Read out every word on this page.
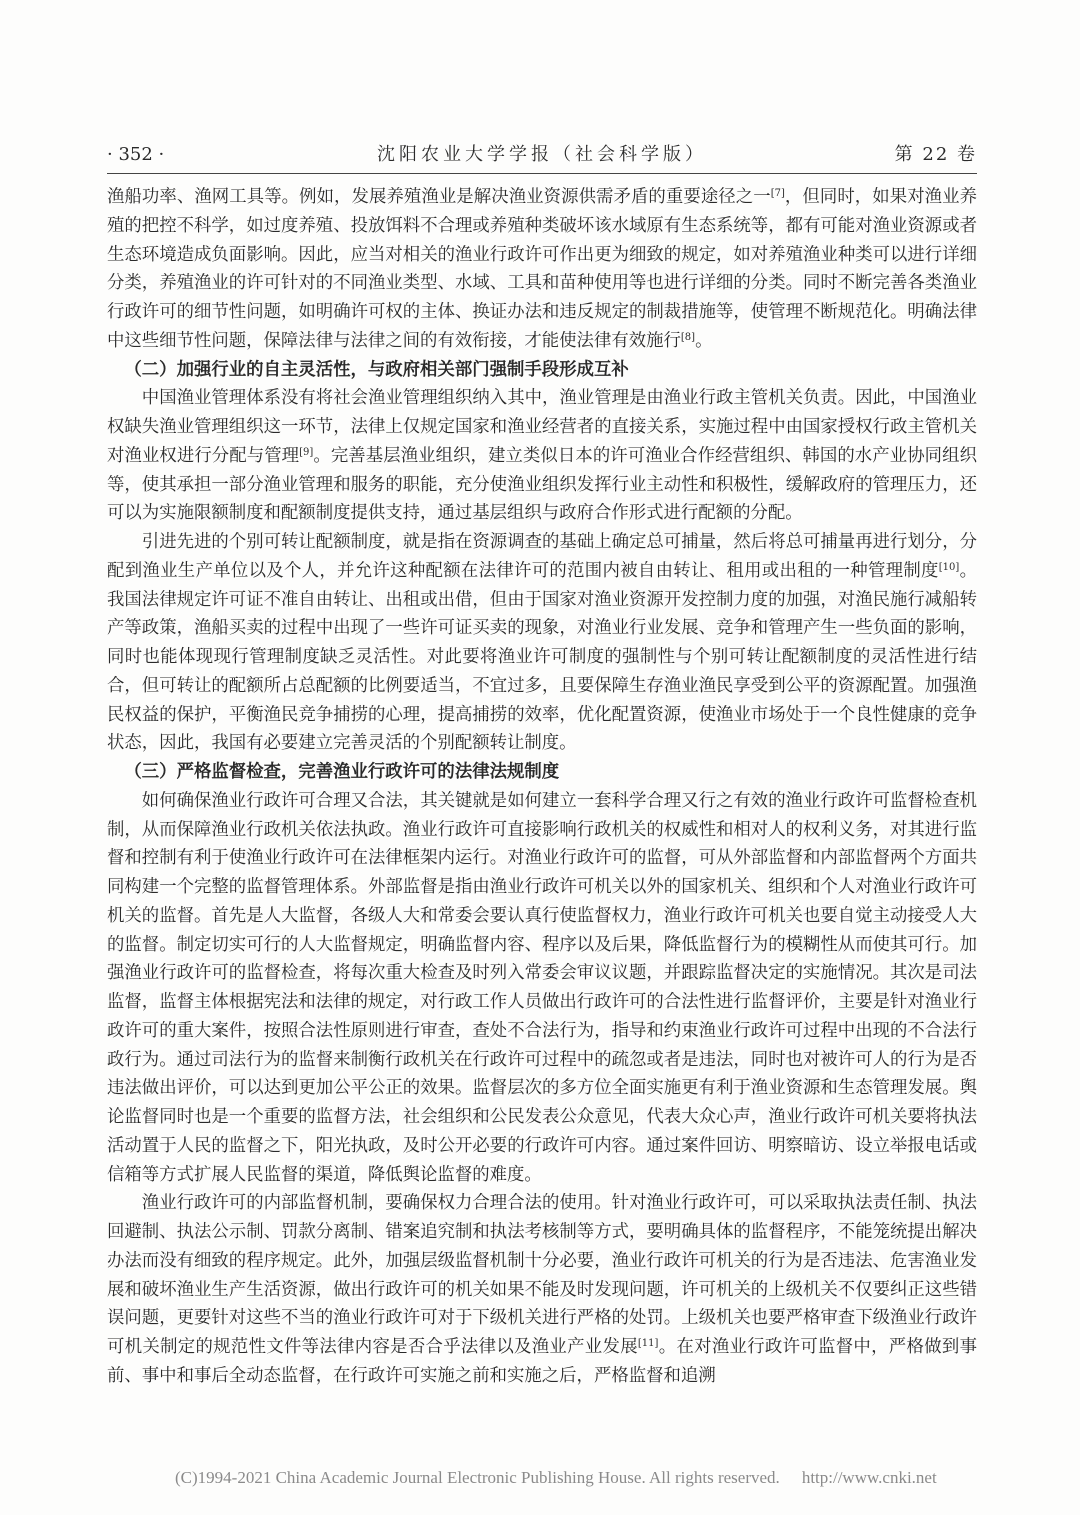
· 352 ·	沈阳农业大学学报（社会科学版）	第 22 卷

渔船功率、渔网工具等。例如，发展养殖渔业是解决渔业资源供需矛盾的重要途径之一[7]，但同时，如果对渔业养殖的把控不科学，如过度养殖、投放饵料不合理或养殖种类破坏该水域原有生态系统等，都有可能对渔业资源或者生态环境造成负面影响。因此，应当对相关的渔业行政许可作出更为细致的规定，如对养殖渔业种类可以进行详细分类，养殖渔业的许可针对的不同渔业类型、水域、工具和苗种使用等也进行详细的分类。同时不断完善各类渔业行政许可的细节性问题，如明确许可权的主体、换证办法和违反规定的制裁措施等，使管理不断规范化。明确法律中这些细节性问题，保障法律与法律之间的有效衔接，才能使法律有效施行[8]。

（二）加强行业的自主灵活性，与政府相关部门强制手段形成互补

中国渔业管理体系没有将社会渔业管理组织纳入其中，渔业管理是由渔业行政主管机关负责。因此，中国渔业权缺失渔业管理组织这一环节，法律上仅规定国家和渔业经营者的直接关系，实施过程中由国家授权行政主管机关对渔业权进行分配与管理[9]。完善基层渔业组织，建立类似日本的许可渔业合作经营组织、韩国的水产业协同组织等，使其承担一部分渔业管理和服务的职能，充分使渔业组织发挥行业主动性和积极性，缓解政府的管理压力，还可以为实施限额制度和配额制度提供支持，通过基层组织与政府合作形式进行配额的分配。

引进先进的个别可转让配额制度，就是指在资源调查的基础上确定总可捕量，然后将总可捕量再进行划分，分配到渔业生产单位以及个人，并允许这种配额在法律许可的范围内被自由转让、租用或出租的一种管理制度[10]。我国法律规定许可证不准自由转让、出租或出借，但由于国家对渔业资源开发控制力度的加强，对渔民施行减船转产等政策，渔船买卖的过程中出现了一些许可证买卖的现象，对渔业行业发展、竞争和管理产生一些负面的影响，同时也能体现现行管理制度缺乏灵活性。对此要将渔业许可制度的强制性与个别可转让配额制度的灵活性进行结合，但可转让的配额所占总配额的比例要适当，不宜过多，且要保障生存渔业渔民享受到公平的资源配置。加强渔民权益的保护，平衡渔民竞争捕捞的心理，提高捕捞的效率，优化配置资源，使渔业市场处于一个良性健康的竞争状态，因此，我国有必要建立完善灵活的个别配额转让制度。

（三）严格监督检查，完善渔业行政许可的法律法规制度

如何确保渔业行政许可合理又合法，其关键就是如何建立一套科学合理又行之有效的渔业行政许可监督检查机制，从而保障渔业行政机关依法执政。渔业行政许可直接影响行政机关的权威性和相对人的权利义务，对其进行监督和控制有利于使渔业行政许可在法律框架内运行。对渔业行政许可的监督，可从外部监督和内部监督两个方面共同构建一个完整的监督管理体系。外部监督是指由渔业行政许可机关以外的国家机关、组织和个人对渔业行政许可机关的监督。首先是人大监督，各级人大和常委会要认真行使监督权力，渔业行政许可机关也要自觉主动接受人大的监督。制定切实可行的人大监督规定，明确监督内容、程序以及后果，降低监督行为的模糊性从而使其可行。加强渔业行政许可的监督检查，将每次重大检查及时列入常委会审议议题，并跟踪监督决定的实施情况。其次是司法监督，监督主体根据宪法和法律的规定，对行政工作人员做出行政许可的合法性进行监督评价，主要是针对渔业行政许可的重大案件，按照合法性原则进行审查，查处不合法行为，指导和约束渔业行政许可过程中出现的不合法行政行为。通过司法行为的监督来制衡行政机关在行政许可过程中的疏忽或者是违法，同时也对被许可人的行为是否违法做出评价，可以达到更加公平公正的效果。监督层次的多方位全面实施更有利于渔业资源和生态管理发展。舆论监督同时也是一个重要的监督方法，社会组织和公民发表公众意见，代表大众心声，渔业行政许可机关要将执法活动置于人民的监督之下，阳光执政，及时公开必要的行政许可内容。通过案件回访、明察暗访、设立举报电话或信箱等方式扩展人民监督的渠道，降低舆论监督的难度。

渔业行政许可的内部监督机制，要确保权力合理合法的使用。针对渔业行政许可，可以采取执法责任制、执法回避制、执法公示制、罚款分离制、错案追究制和执法考核制等方式，要明确具体的监督程序，不能笼统提出解决办法而没有细致的程序规定。此外，加强层级监督机制十分必要，渔业行政许可机关的行为是否违法、危害渔业发展和破坏渔业生产生活资源，做出行政许可的机关如果不能及时发现问题，许可机关的上级机关不仅要纠正这些错误问题，更要针对这些不当的渔业行政许可对于下级机关进行严格的处罚。上级机关也要严格审查下级渔业行政许可机关制定的规范性文件等法律内容是否合乎法律以及渔业产业发展[11]。在对渔业行政许可监督中，严格做到事前、事中和事后全动态监督，在行政许可实施之前和实施之后，严格监督和追溯

(C)1994-2021 China Academic Journal Electronic Publishing House. All rights reserved. http://www.cnki.net
